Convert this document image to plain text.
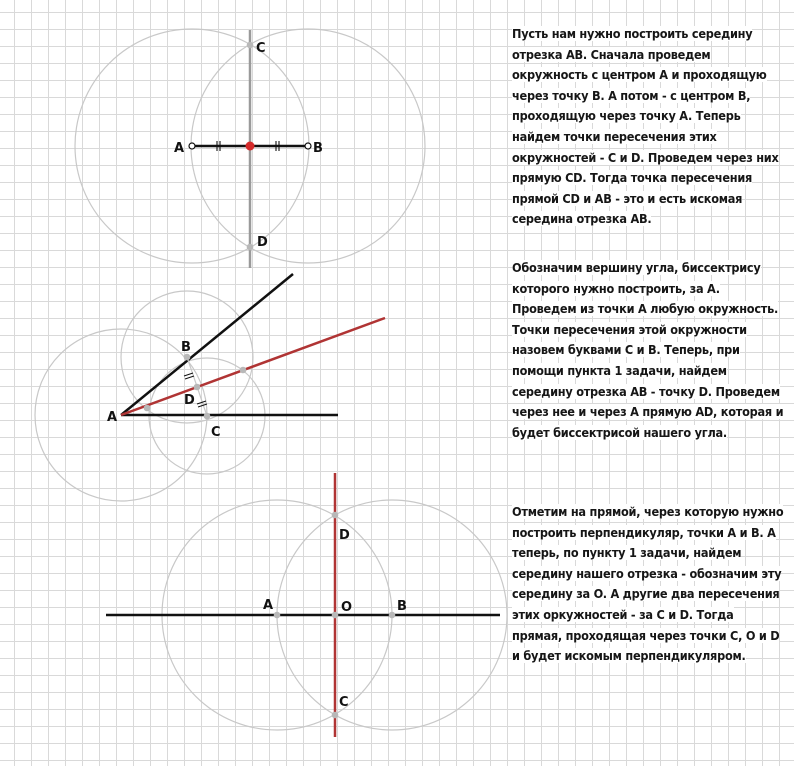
A	B
C
D
A
B
D
C
A	O	B
D
C
Пусть нам нужно построить середину отрезка AB. Сначала проведем окружность с центром A и проходящую через точку B. A потом - с центром B, проходящую через точку A. Теперь найдем точки пересечения этих окружностей - C и D. Проведем через них прямую CD. Тогда точка пересечения прямой CD и AB - это и есть искомая середина отрезка AB.
Обозначим вершину угла, биссектрису которого нужно построить, за A. Проведем из точки A любую окружность. Точки пересечения этой окружности назовем буквами C и B. Теперь, при помощи пункта 1 задачи, найдем середину отрезка AB - точку D. Проведем через нее и через A прямую AD, которая и будет биссектрисой нашего угла.
Отметим на прямой, через которую нужно построить перпендикуляр, точки A и B. A теперь, по пункту 1 задачи, найдем середину нашего отрезка - обозначим эту середину за O. A другие два пересечения этих оркужностей - за C и D. Тогда прямая, проходящая через точки C, O и D и будет искомым перпендикуляром.
